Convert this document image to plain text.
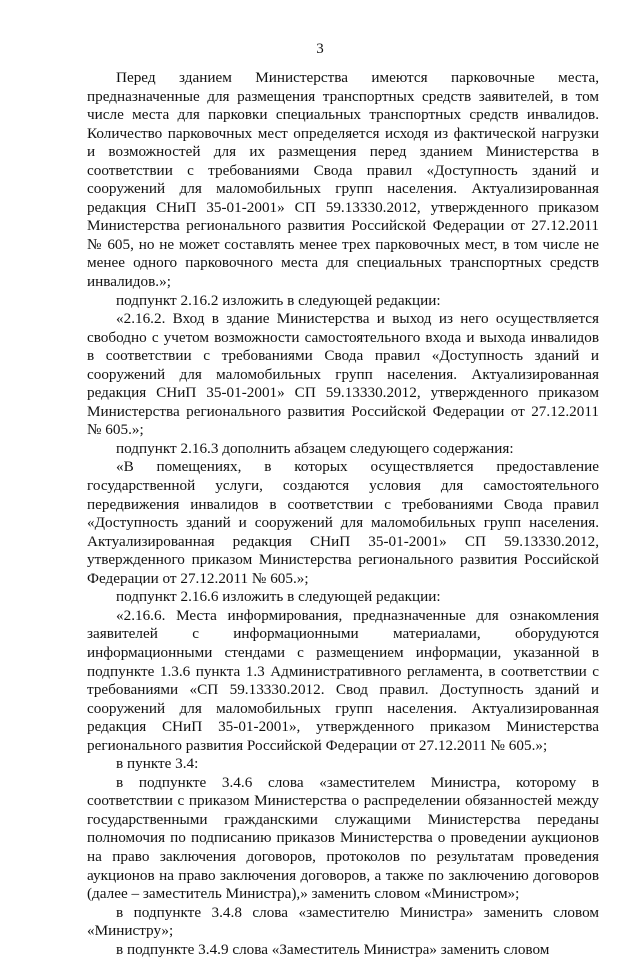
3

Перед зданием Министерства имеются парковочные места, предназначенные для размещения транспортных средств заявителей, в том числе места для парковки специальных транспортных средств инвалидов. Количество парковочных мест определяется исходя из фактической нагрузки и возможностей для их размещения перед зданием Министерства в соответствии с требованиями Свода правил «Доступность зданий и сооружений для маломобильных групп населения. Актуализированная редакция СНиП 35-01-2001» СП 59.13330.2012, утвержденного приказом Министерства регионального развития Российской Федерации от 27.12.2011 № 605, но не может составлять менее трех парковочных мест, в том числе не менее одного парковочного места для специальных транспортных средств инвалидов.»;

подпункт 2.16.2 изложить в следующей редакции:

«2.16.2. Вход в здание Министерства и выход из него осуществляется свободно с учетом возможности самостоятельного входа и выхода инвалидов в соответствии с требованиями Свода правил «Доступность зданий и сооружений для маломобильных групп населения. Актуализированная редакция СНиП 35-01-2001» СП 59.13330.2012, утвержденного приказом Министерства регионального развития Российской Федерации от 27.12.2011 № 605.»;

подпункт 2.16.3 дополнить абзацем следующего содержания:

«В помещениях, в которых осуществляется предоставление государственной услуги, создаются условия для самостоятельного передвижения инвалидов в соответствии с требованиями Свода правил «Доступность зданий и сооружений для маломобильных групп населения. Актуализированная редакция СНиП 35-01-2001» СП 59.13330.2012, утвержденного приказом Министерства регионального развития Российской Федерации от 27.12.2011 № 605.»;

подпункт 2.16.6 изложить в следующей редакции:

«2.16.6. Места информирования, предназначенные для ознакомления заявителей с информационными материалами, оборудуются информационными стендами с размещением информации, указанной в подпункте 1.3.6 пункта 1.3 Административного регламента, в соответствии с требованиями «СП 59.13330.2012. Свод правил. Доступность зданий и сооружений для маломобильных групп населения. Актуализированная редакция СНиП 35-01-2001», утвержденного приказом Министерства регионального развития Российской Федерации от 27.12.2011 № 605.»;

в пункте 3.4:

в подпункте 3.4.6 слова «заместителем Министра, которому в соответствии с приказом Министерства о распределении обязанностей между государственными гражданскими служащими Министерства переданы полномочия по подписанию приказов Министерства о проведении аукционов на право заключения договоров, протоколов по результатам проведения аукционов на право заключения договоров, а также по заключению договоров (далее – заместитель Министра),» заменить словом «Министром»;

в подпункте 3.4.8 слова «заместителю Министра» заменить словом «Министру»;

в подпункте 3.4.9 слова «Заместитель Министра» заменить словом
